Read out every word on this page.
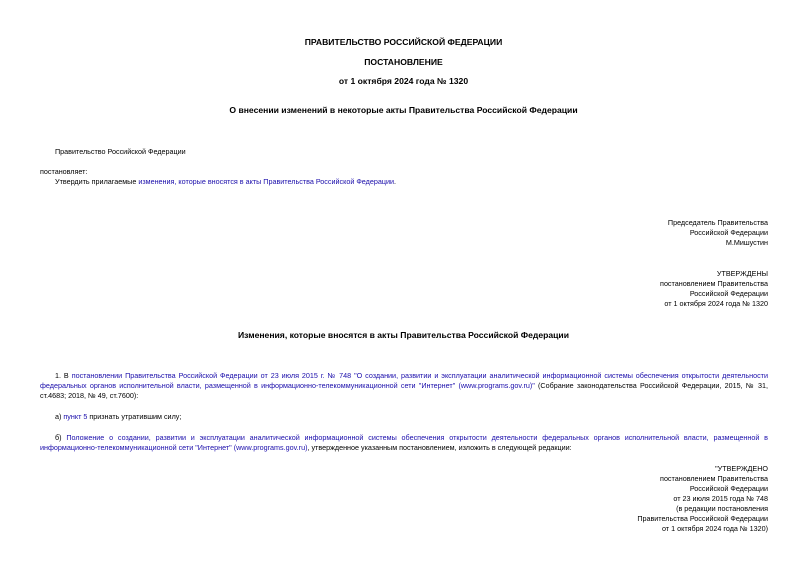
ПРАВИТЕЛЬСТВО РОССИЙСКОЙ ФЕДЕРАЦИИ
ПОСТАНОВЛЕНИЕ
от 1 октября 2024 года № 1320
О внесении изменений в некоторые акты Правительства Российской Федерации
Правительство Российской Федерации
постановляет:
Утвердить прилагаемые изменения, которые вносятся в акты Правительства Российской Федерации.
Председатель Правительства
Российской Федерации
М.Мишустин
УТВЕРЖДЕНЫ
постановлением Правительства
Российской Федерации
от 1 октября 2024 года № 1320
Изменения, которые вносятся в акты Правительства Российской Федерации
1. В постановлении Правительства Российской Федерации от 23 июля 2015 г. № 748 "О создании, развитии и эксплуатации аналитической информационной системы обеспечения открытости деятельности федеральных органов исполнительной власти, размещенной в информационно-телекоммуникационной сети "Интернет" (www.programs.gov.ru)" (Собрание законодательства Российской Федерации, 2015, № 31, ст.4683; 2018, № 49, ст.7600):
а) пункт 5 признать утратившим силу;
б) Положение о создании, развитии и эксплуатации аналитической информационной системы обеспечения открытости деятельности федеральных органов исполнительной власти, размещенной в информационно-телекоммуникационной сети "Интернет" (www.programs.gov.ru), утвержденное указанным постановлением, изложить в следующей редакции:
"УТВЕРЖДЕНО
постановлением Правительства
Российской Федерации
от 23 июля 2015 года № 748
(в редакции постановления
Правительства Российской Федерации
от 1 октября 2024 года № 1320)
